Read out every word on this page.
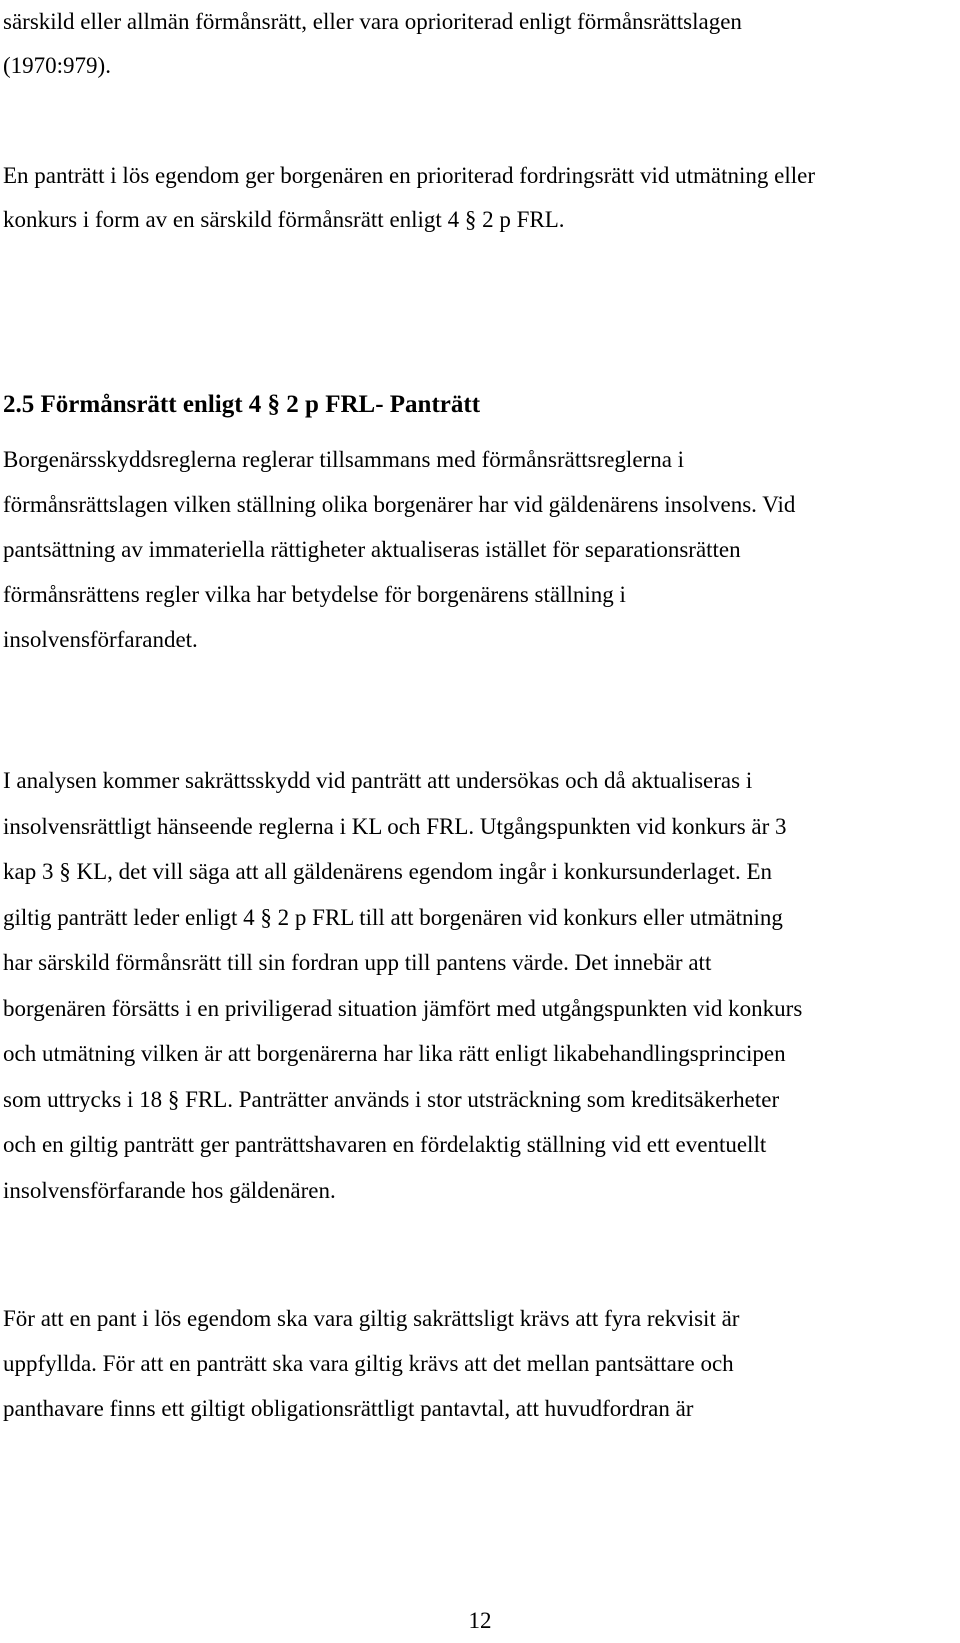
särskild eller allmän förmånsrätt, eller vara oprioriterad enligt förmånsrättslagen
(1970:979).

En panträtt i lös egendom ger borgenären en prioriterad fordringsrätt vid utmätning eller
konkurs i form av en särskild förmånsrätt enligt 4 § 2 p FRL.

2.5 Förmånsrätt enligt 4 § 2 p FRL- Panträtt

Borgenärsskyddsreglerna reglerar tillsammans med förmånsrättsreglerna i
förmånsrättslagen vilken ställning olika borgenärer har vid gäldenärens insolvens. Vid
pantsättning av immateriella rättigheter aktualiseras istället för separationsrätten
förmånsrättens regler vilka har betydelse för borgenärens ställning i
insolvensförfarandet.

I analysen kommer sakrättsskydd vid panträtt att undersökas och då aktualiseras i
insolvensrättligt hänseende reglerna i KL och FRL. Utgångspunkten vid konkurs är 3
kap 3 § KL, det vill säga att all gäldenärens egendom ingår i konkursunderlaget. En
giltig panträtt leder enligt 4 § 2 p FRL till att borgenären vid konkurs eller utmätning
har särskild förmånsrätt till sin fordran upp till pantens värde. Det innebär att
borgenären försätts i en priviligerad situation jämfört med utgångspunkten vid konkurs
och utmätning vilken är att borgenärerna har lika rätt enligt likabehandlingsprincipen
som uttrycks i 18 § FRL. Panträtter används i stor utsträckning som kreditsäkerheter
och en giltig panträtt ger panträttshavaren en fördelaktig ställning vid ett eventuellt
insolvensförfarande hos gäldenären.

För att en pant i lös egendom ska vara giltig sakrättsligt krävs att fyra rekvisit är
uppfyllda. För att en panträtt ska vara giltig krävs att det mellan pantsättare och
panthavare finns ett giltigt obligationsrättligt pantavtal, att huvudfordran är

12
